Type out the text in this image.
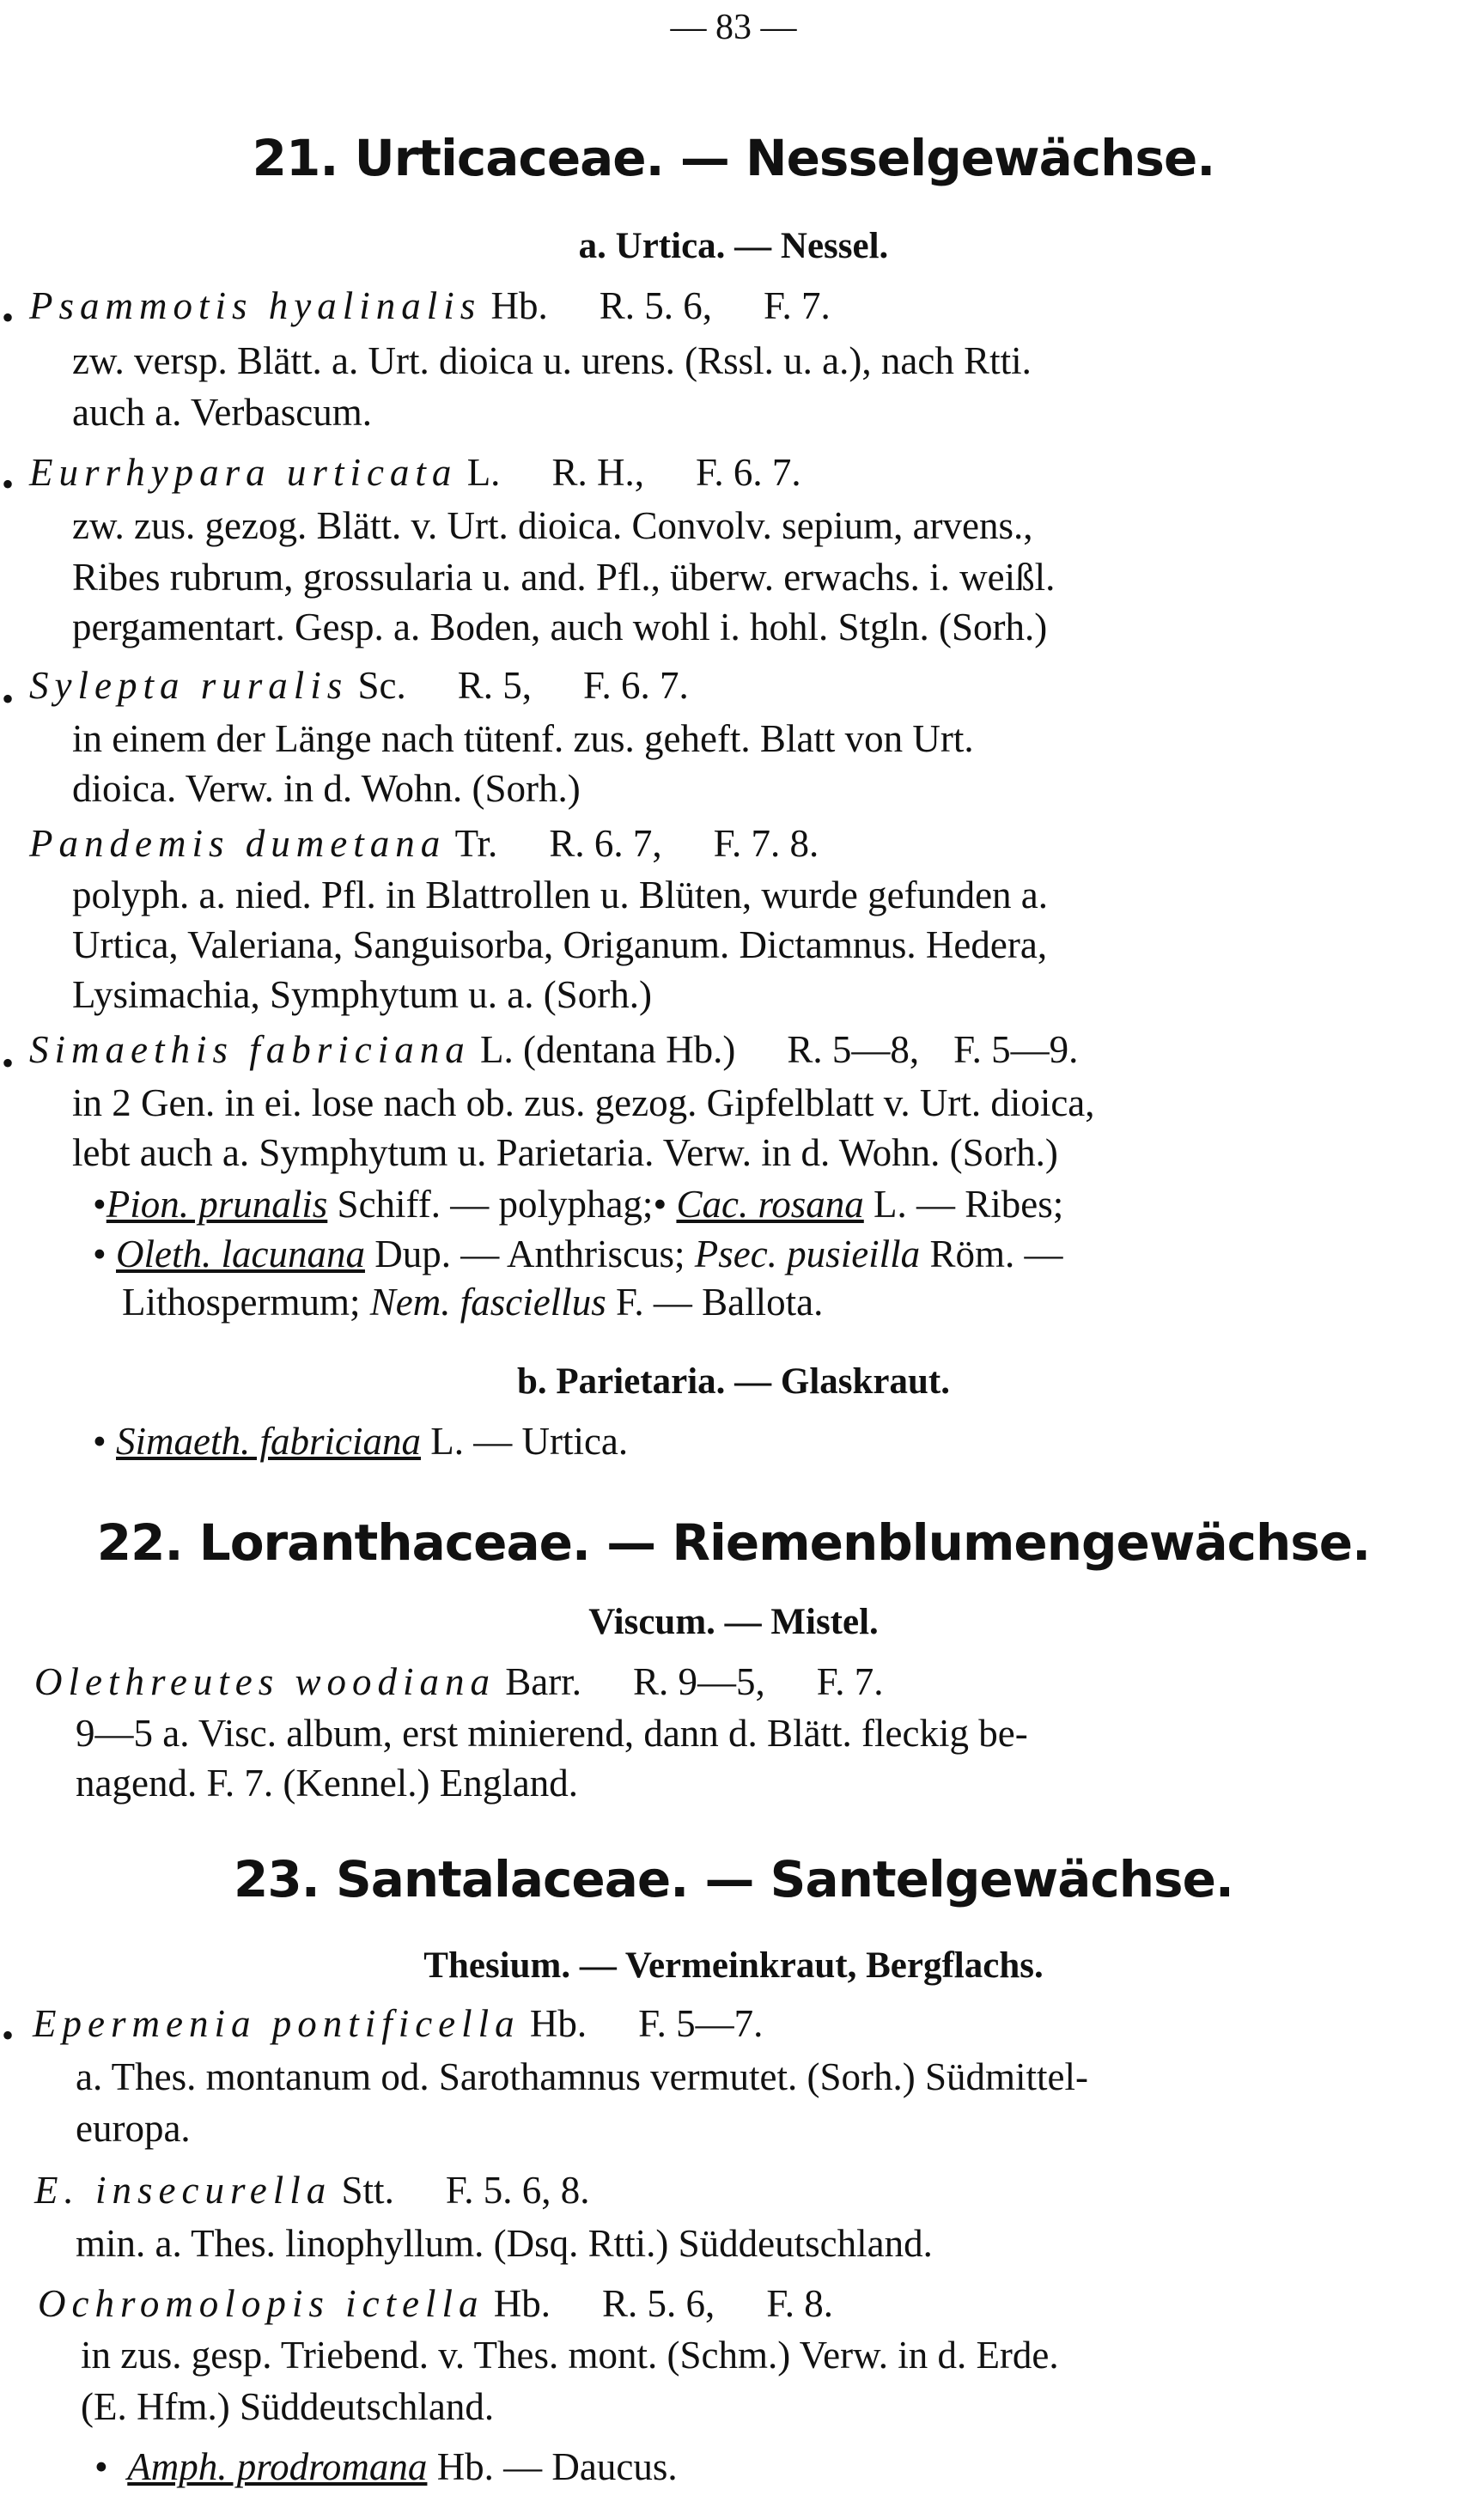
— 83 —
21. Urticaceae. — Nesselgewächse.
a. Urtica. — Nessel.
• Psammotis hyalinalis Hb. R. 5. 6, F. 7.
zw. versp. Blätt. a. Urt. dioica u. urens. (Rssl. u. a.), nach Rtti.
auch a. Verbascum.
• Eurrhypara urticata L. R. H., F. 6. 7.
zw. zus. gezog. Blätt. v. Urt. dioica. Convolv. sepium, arvens.,
Ribes rubrum, grossularia u. and. Pfl., überw. erwachs. i. weißl.
pergamentart. Gesp. a. Boden, auch wohl i. hohl. Stgln. (Sorh.)
• Sylepta ruralis Sc. R. 5, F. 6. 7.
in einem der Länge nach tütenf. zus. geheft. Blatt von Urt.
dioica. Verw. in d. Wohn. (Sorh.)
Pandemis dumetana Tr. R. 6. 7, F. 7. 8.
polyph. a. nied. Pfl. in Blattrollen u. Blüten, wurde gefunden a.
Urtica, Valeriana, Sanguisorba, Origanum. Dictamnus. Hedera,
Lysimachia, Symphytum u. a. (Sorh.)
• Simaethis fabriciana L. (dentana Hb.) R. 5—8, F. 5—9.
in 2 Gen. in ei. lose nach ob. zus. gezog. Gipfelblatt v. Urt. dioica,
lebt auch a. Symphytum u. Parietaria. Verw. in d. Wohn. (Sorh.)
•Pion. prunalis Schiff. — polyphag;• Cac. rosana L. — Ribes;
• Oleth. lacunana Dup. — Anthriscus; Psec. pusieilla Röm. —
Lithospermum; Nem. fasciellus F. — Ballota.
b. Parietaria. — Glaskraut.
• Simaeth. fabriciana L. — Urtica.
22. Loranthaceae. — Riemenblumengewächse.
Viscum. — Mistel.
Olethreutes woodiana Barr. R. 9—5, F. 7.
9—5 a. Visc. album, erst minierend, dann d. Blätt. fleckig be-
nagend. F. 7. (Kennel.) England.
23. Santalaceae. — Santelgewächse.
Thesium. — Vermeinkraut, Bergflachs.
• Epermenia pontificella Hb. F. 5—7.
a. Thes. montanum od. Sarothamnus vermutet. (Sorh.) Südmittel-
europa.
E. insecurella Stt. F. 5. 6, 8.
min. a. Thes. linophyllum. (Dsq. Rtti.) Süddeutschland.
Ochromolopis ictella Hb. R. 5. 6, F. 8.
in zus. gesp. Triebend. v. Thes. mont. (Schm.) Verw. in d. Erde.
(E. Hfm.) Süddeutschland.
• Amph. prodromana Hb. — Daucus.
